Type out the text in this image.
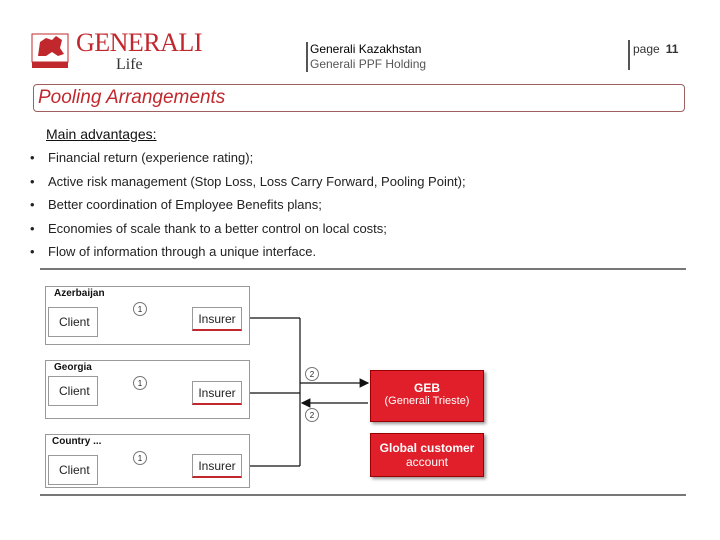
GENERALI
Life
Generali Kazakhstan
Generali PPF Holding
page 11
Pooling Arrangements
Main advantages:
• Financial return (experience rating);
• Active risk management (Stop Loss, Loss Carry Forward, Pooling Point);
• Better coordination of Employee Benefits plans;
• Economies of scale thank to a better control on local costs;
• Flow of information through a unique interface.
Azerbaijan
Client
1
Insurer
Georgia
Client
1
Insurer
Country ...
Client
1
Insurer
2
2
GEB
(Generali Trieste)
Global customer
account
